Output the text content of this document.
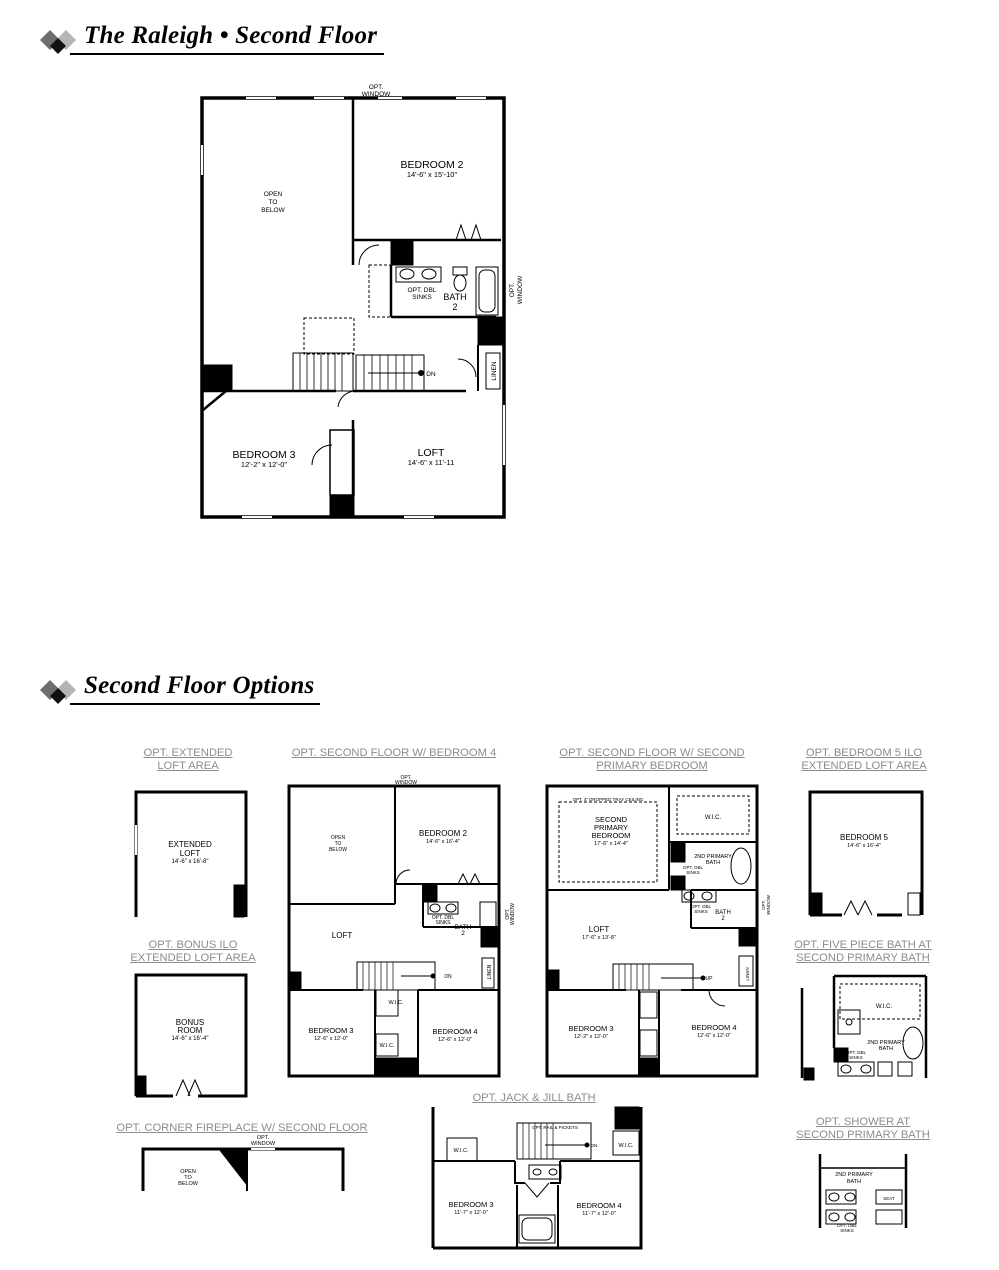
The Raleigh • Second Floor
Second Floor Options
OPT. EXTENDED
LOFT AREA
OPT. BONUS ILO
EXTENDED LOFT AREA
OPT. CORNER FIREPLACE W/ SECOND FLOOR
OPT. SECOND FLOOR W/ BEDROOM 4	OPT. SECOND FLOOR W/ SECOND
PRIMARY BEDROOM
OPT. BEDROOM 5 ILO
EXTENDED LOFT AREA
OPT. FIVE PIECE BATH AT
SECOND PRIMARY BATH
OPT. JACK & JILL BATH
OPT. SHOWER AT
SECOND PRIMARY BATH
OPT.
WINDOW
OPEN
TO
BELOW
BEDROOM 2
14'-6" x 15'-10"
OPT. DBL
SINKS BATH
2
OPT. WINDOW
DN	LINEN
BEDROOM 3
12'-2" x 12'-0"
LOFT
14'-6" x 11'-11
EXTENDED
LOFT
14'-6" x 16'-8"
BONUS
ROOM
14'-6" x 16'-4"
OPT.
WINDOW
OPEN
TO
BELOW
OPT.
WINDOW
OPEN
TO
BELOW
BEDROOM 2
14'-6" x 16'-4"
LOFT
OPT. DBL
SINKS
BATH
2
OPT. WINDOW
DN	LINEN
W.I.C.
W.I.C.
BEDROOM 3
12'-6" x 12'-0"
BEDROOM 4
12'-6" x 12'-0"
OPT. 4" DROPPED TRAY CEILING
SECOND
PRIMARY
BEDROOM
17'-6" x 14'-4"
W.I.C.
2ND PRIMARY
BATH
OPT. DBL
SINKS
OPT. DBL
SINKS BATH
2
OPT. WINDOW
LOFT
17'-6" x 13'-8"
UP	LINEN
BEDROOM 3
12'-2" x 12'-0"
BEDROOM 4
12'-6" x 12'-0"
BEDROOM 5
14'-6" x 16'-4"
W.I.C.
2ND PRIMARY
BATH
OPT. DBL
SINKS
OPT. RAIL & PICKETS
DN
W.I.C.
W.I.C.
BEDROOM 3
11'-7" x 12'-0"
BEDROOM 4
11'-7" x 12'-0"
2ND PRIMARY
BATH
SEAT
OPT. DBL
SINKS
